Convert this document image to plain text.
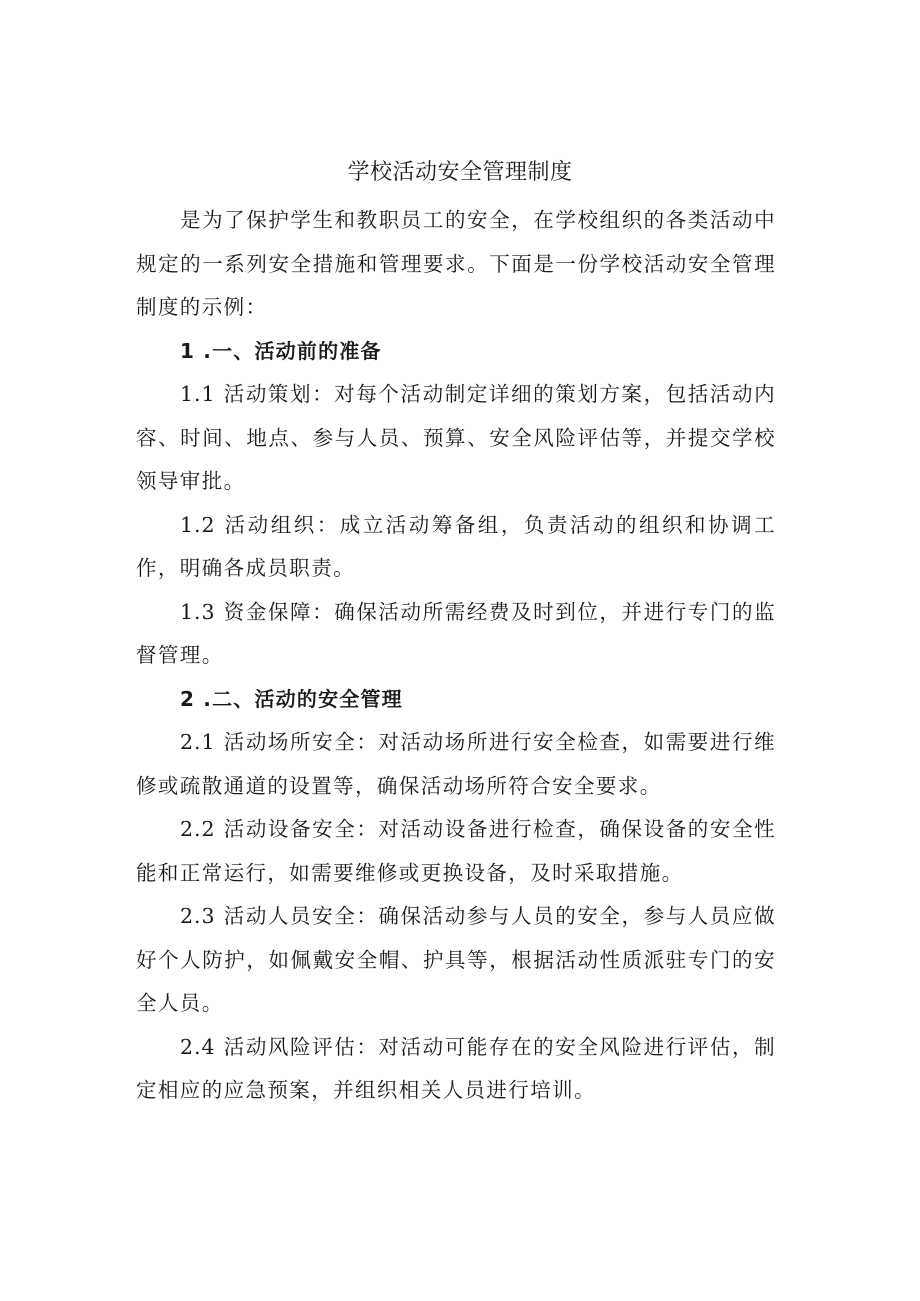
学校活动安全管理制度

是为了保护学生和教职员工的安全，在学校组织的各类活动中规定的一系列安全措施和管理要求。下面是一份学校活动安全管理制度的示例：

1 .一、活动前的准备

1.1 活动策划：对每个活动制定详细的策划方案，包括活动内容、时间、地点、参与人员、预算、安全风险评估等，并提交学校领导审批。

1.2 活动组织：成立活动筹备组，负责活动的组织和协调工作，明确各成员职责。

1.3 资金保障：确保活动所需经费及时到位，并进行专门的监督管理。

2 .二、活动的安全管理

2.1 活动场所安全：对活动场所进行安全检查，如需要进行维修或疏散通道的设置等，确保活动场所符合安全要求。

2.2 活动设备安全：对活动设备进行检查，确保设备的安全性能和正常运行，如需要维修或更换设备，及时采取措施。

2.3 活动人员安全：确保活动参与人员的安全，参与人员应做好个人防护，如佩戴安全帽、护具等，根据活动性质派驻专门的安全人员。

2.4 活动风险评估：对活动可能存在的安全风险进行评估，制定相应的应急预案，并组织相关人员进行培训。
